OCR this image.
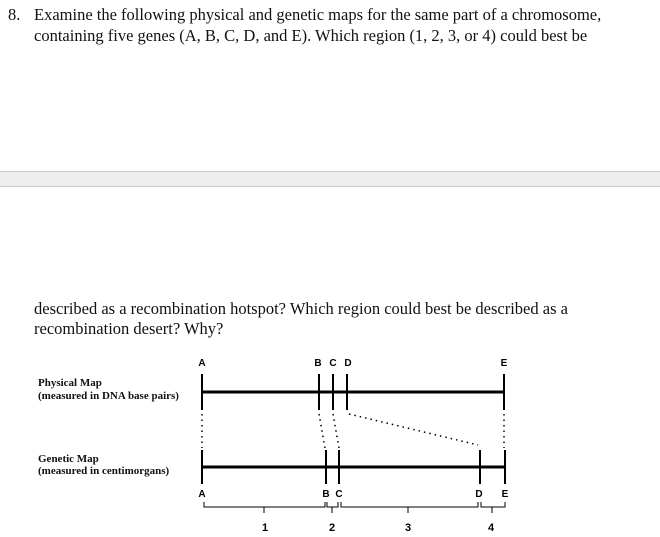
8. Examine the following physical and genetic maps for the same part of a chromosome,

containing five genes (A, B, C, D, and E). Which region (1, 2, 3, or 4) could best be

described as a recombination hotspot? Which region could best be described as a

recombination desert? Why?

Physical Map
(measured in DNA base pairs)
Genetic Map
(measured in centimorgans)
A	B C D	E
A	B C	D E
1	2	3	4
